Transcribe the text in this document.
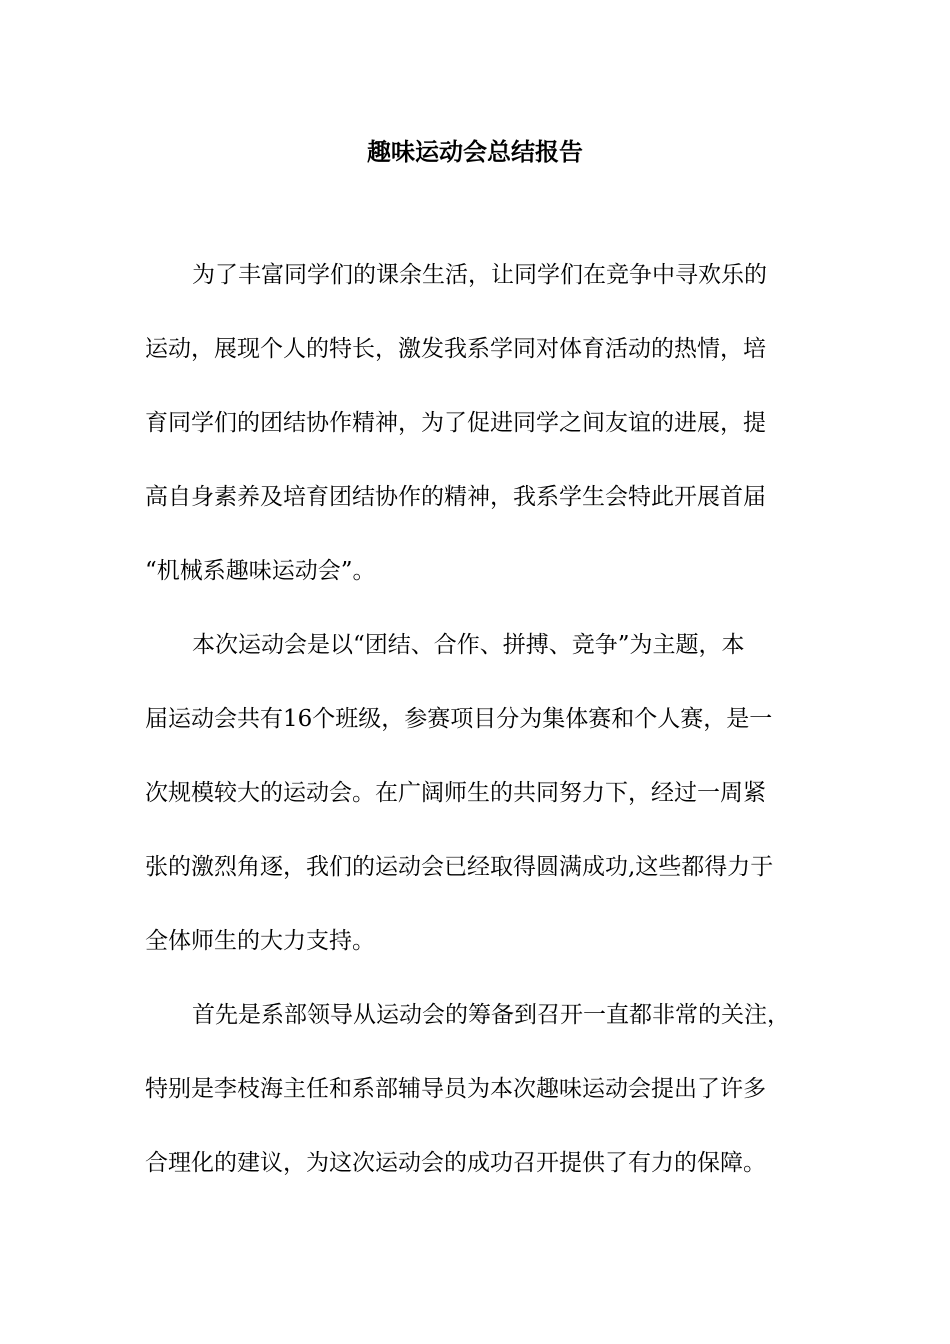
趣味运动会总结报告

为了丰富同学们的课余生活，让同学们在竞争中寻欢乐的

运动，展现个人的特长，激发我系学同对体育活动的热情，培

育同学们的团结协作精神，为了促进同学之间友谊的进展，提

高自身素养及培育团结协作的精神，我系学生会特此开展首届

“机械系趣味运动会”。

本次运动会是以“团结、合作、拼搏、竞争”为主题，本

届运动会共有16个班级，参赛项目分为集体赛和个人赛，是一

次规模较大的运动会。在广阔师生的共同努力下，经过一周紧

张的激烈角逐，我们的运动会已经取得圆满成功,这些都得力于

全体师生的大力支持。

首先是系部领导从运动会的筹备到召开一直都非常的关注，

特别是李枝海主任和系部辅导员为本次趣味运动会提出了许多

合理化的建议，为这次运动会的成功召开提供了有力的保障。
